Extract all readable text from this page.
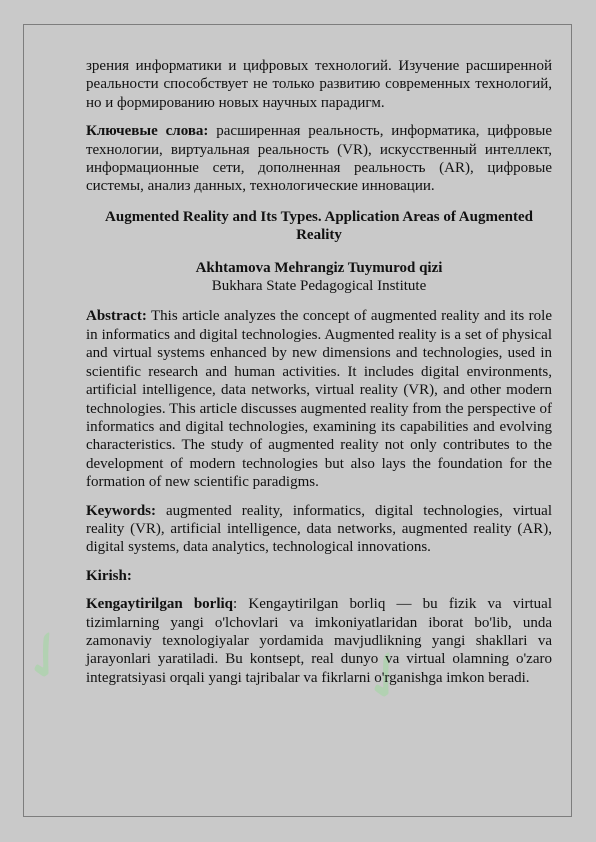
✓	✓

зрения информатики и цифровых технологий. Изучение расширенной реальности способствует не только развитию современных технологий, но и формированию новых научных парадигм.

Ключевые слова: расширенная реальность, информатика, цифровые технологии, виртуальная реальность (VR), искусственный интеллект, информационные сети, дополненная реальность (AR), цифровые системы, анализ данных, технологические инновации.

Augmented Reality and Its Types. Application Areas of Augmented Reality

Akhtamova Mehrangiz Tuymurod qizi

Bukhara State Pedagogical Institute

Abstract: This article analyzes the concept of augmented reality and its role in informatics and digital technologies. Augmented reality is a set of physical and virtual systems enhanced by new dimensions and technologies, used in scientific research and human activities. It includes digital environments, artificial intelligence, data networks, virtual reality (VR), and other modern technologies. This article discusses augmented reality from the perspective of informatics and digital technologies, examining its capabilities and evolving characteristics. The study of augmented reality not only contributes to the development of modern technologies but also lays the foundation for the formation of new scientific paradigms.

Keywords: augmented reality, informatics, digital technologies, virtual reality (VR), artificial intelligence, data networks, augmented reality (AR), digital systems, data analytics, technological innovations.

Kirish:

Kengaytirilgan borliq: Kengaytirilgan borliq — bu fizik va virtual tizimlarning yangi o'lchovlari va imkoniyatlaridan iborat bo'lib, unda zamonaviy texnologiyalar yordamida mavjudlikning yangi shakllari va jarayonlari yaratiladi. Bu kontsept, real dunyo va virtual olamning o'zaro integratsiyasi orqali yangi tajribalar va fikrlarni o'rganishga imkon beradi.
